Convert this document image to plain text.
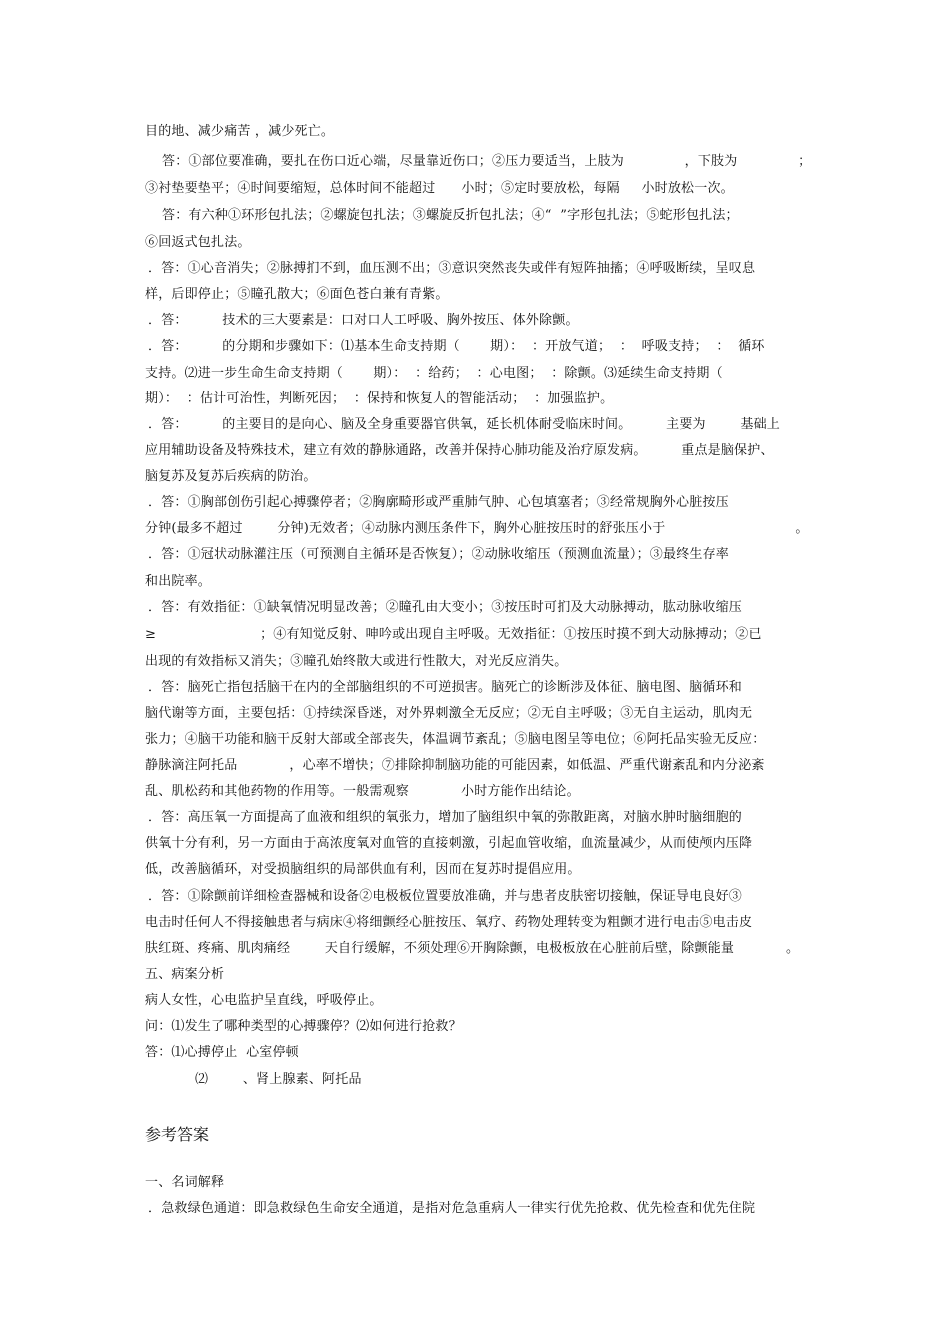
目的地、减少痛苦 ，减少死亡。
答：①部位要准确，要扎在伤口近心端，尽量靠近伤口；②压力要适当，上肢为              ，下肢为              ；
③衬垫要垫平；④时间要缩短，总体时间不能超过      小时；⑤定时要放松，每隔     小时放松一次。
答：有六种①环形包扎法；②螺旋包扎法；③螺旋反折包扎法；④“  ”字形包扎法；⑤蛇形包扎法；
⑥回返式包扎法。
．答：①心音消失；②脉搏扪不到，血压测不出；③意识突然丧失或伴有短阵抽搐；④呼吸断续，呈叹息
样，后即停止；⑤瞳孔散大；⑥面色苍白兼有青紫。
．答：        技术的三大要素是：口对口人工呼吸、胸外按压、体外除颤。
．答：        的分期和步骤如下：⑴基本生命支持期（       期）：  ：开放气道；  ：  呼吸支持；  ：  循环
支持。⑵进一步生命生命支持期（       期）：  ：给药；  ：心电图；  ：除颤。⑶延续生命支持期（
期）：  ：估计可治性，判断死因；  ：保持和恢复人的智能活动；  ：加强监护。
．答：        的主要目的是向心、脑及全身重要器官供氧，延长机体耐受临床时间。        主要为        基础上
应用辅助设备及特殊技术，建立有效的静脉通路，改善并保持心肺功能及治疗原发病。        重点是脑保护、
脑复苏及复苏后疾病的防治。
．答：①胸部创伤引起心搏骤停者；②胸廓畸形或严重肺气肿、心包填塞者；③经常规胸外心脏按压
分钟(最多不超过        分钟)无效者；④动脉内测压条件下，胸外心脏按压时的舒张压小于                              。
．答：①冠状动脉灌注压（可预测自主循环是否恢复）；②动脉收缩压（预测血流量）；③最终生存率
和出院率。
．答：有效指征：①缺氧情况明显改善；②瞳孔由大变小；③按压时可扪及大动脉搏动，肱动脉收缩压
≥                        ；④有知觉反射、呻吟或出现自主呼吸。无效指征：①按压时摸不到大动脉搏动；②已
出现的有效指标又消失；③瞳孔始终散大或进行性散大，对光反应消失。
．答：脑死亡指包括脑干在内的全部脑组织的不可逆损害。脑死亡的诊断涉及体征、脑电图、脑循环和
脑代谢等方面，主要包括：①持续深昏迷，对外界刺激全无反应；②无自主呼吸；③无自主运动，肌肉无
张力；④脑干功能和脑干反射大部或全部丧失，体温调节紊乱；⑤脑电图呈等电位；⑥阿托品实验无反应：
静脉滴注阿托品            ，心率不增快；⑦排除抑制脑功能的可能因素，如低温、严重代谢紊乱和内分泌紊
乱、肌松药和其他药物的作用等。一般需观察            小时方能作出结论。
．答：高压氧一方面提高了血液和组织的氧张力，增加了脑组织中氧的弥散距离，对脑水肿时脑细胞的
供氧十分有利，另一方面由于高浓度氧对血管的直接刺激，引起血管收缩，血流量减少，从而使颅内压降
低，改善脑循环，对受损脑组织的局部供血有利，因而在复苏时提倡应用。
．答：①除颤前详细检查器械和设备②电极板位置要放准确，并与患者皮肤密切接触，保证导电良好③
电击时任何人不得接触患者与病床④将细颤经心脏按压、氧疗、药物处理转变为粗颤才进行电击⑤电击皮
肤红斑、疼痛、肌肉痛经        天自行缓解，不须处理⑥开胸除颤，电极板放在心脏前后壁，除颤能量            。
五、病案分析
病人女性，心电监护呈直线，呼吸停止。
问：⑴发生了哪种类型的心搏骤停？⑵如何进行抢救？
答：⑴心搏停止  心室停顿
⑵        、肾上腺素、阿托品
参考答案
一、名词解释
．急救绿色通道：即急救绿色生命安全通道，是指对危急重病人一律实行优先抢救、优先检查和优先住院
